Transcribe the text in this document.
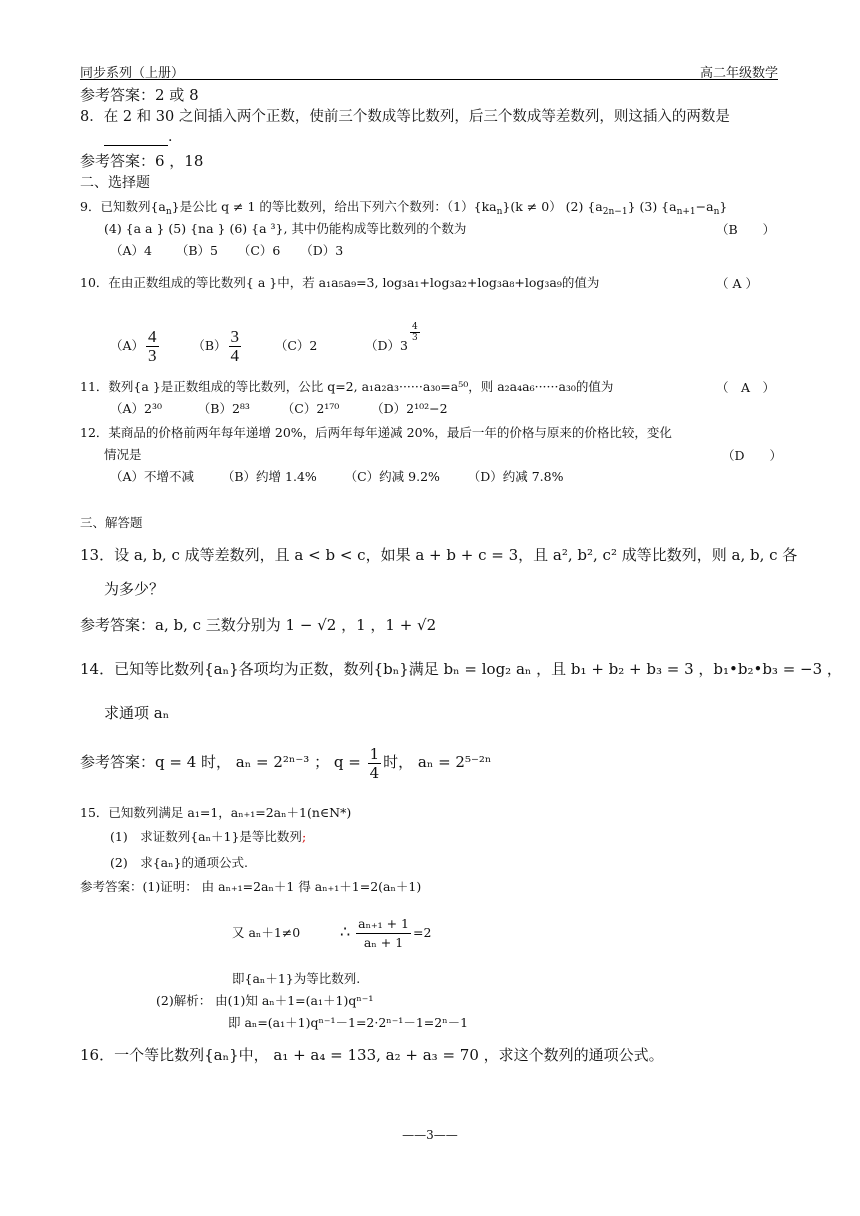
同步系列（上册）	高二年级数学
参考答案：2 或 8
8．在 2 和 30 之间插入两个正数，使前三个数成等比数列，后三个数成等差数列，则这插入的两数是
.
参考答案：6 ，18
二、选择题
9．已知数列$\{a_n\}$是公比 q ≠ 1 的等比数列，给出下列六个数列：$(1)\{ka_n\}(k \ne 0)$ (2) $\{a_{2n-1}\}$ (3) $\{a_{n+1}-a_n\}$
(4) {a a } (5) {na } (6) {a ³}, 其中仍能构成等比数列的个数为	（B　　）
（A）4 （B）5 （C）6 （D）3
10．在由正数组成的等比数列{ a }中，若 a₁a₅a₉=3, log₃a₁+log₃a₂+log₃a₈+log₃a₉的值为	（ A ）
$(A) \frac{4}{3}$	$(B) \frac{3}{4}$	（C）2	（D）3
$\frac{4}{3}$
11．数列{a }是正数组成的等比数列，公比 q=2, a₁a₂a₃······a₃₀=a⁵⁰，则 a₂a₄a₆······a₃₀的值为	（　A　）
（A）2³⁰	（B）2⁸³	（C）2¹⁷⁰	（D）2¹⁰²−2
12．某商品的价格前两年每年递增 20%，后两年每年递减 20%，最后一年的价格与原来的价格比较，变化
情况是	（D　　）
（A）不增不减 （B）约增 1.4% （C）约减 9.2% （D）约减 7.8%
三、解答题
13．设 a, b, c 成等差数列，且 a < b < c，如果 a + b + c = 3，且 a², b², c² 成等比数列，则 a, b, c 各
为多少？
参考答案：a, b, c 三数分别为 1 − √2 ，1 ，1 + √2
14．已知等比数列{aₙ}各项均为正数，数列{bₙ}满足 bₙ = log₂ aₙ ，且 b₁ + b₂ + b₃ = 3 ，b₁•b₂•b₃ = −3 ，
求通项 aₙ
参考答案：q = 4 时， aₙ = 2²ⁿ⁻³ ； $q = \frac{1}{4}$ 时， aₙ = 2⁵⁻²ⁿ
15．已知数列满足 a₁=1，aₙ₊₁=2aₙ＋1(n∈N*)
(1)　求证数列{aₙ＋1}是等比数列;
(2)　求{aₙ}的通项公式.
参考答案：(1)证明： 由 aₙ₊₁=2aₙ＋1 得 aₙ₊₁＋1=2(aₙ＋1)
又 aₙ＋1≠0 ∴ $\frac{\text{aₙ₊₁ + 1}}{\text{aₙ + 1}} =2$
即{aₙ＋1}为等比数列.
(2)解析： 由(1)知 aₙ＋1=(a₁＋1)qⁿ⁻¹
即 aₙ=(a₁＋1)qⁿ⁻¹－1=2·2ⁿ⁻¹－1=2ⁿ－1
16．一个等比数列{aₙ}中， a₁ + a₄ = 133, a₂ + a₃ = 70 ，求这个数列的通项公式。
——3——
